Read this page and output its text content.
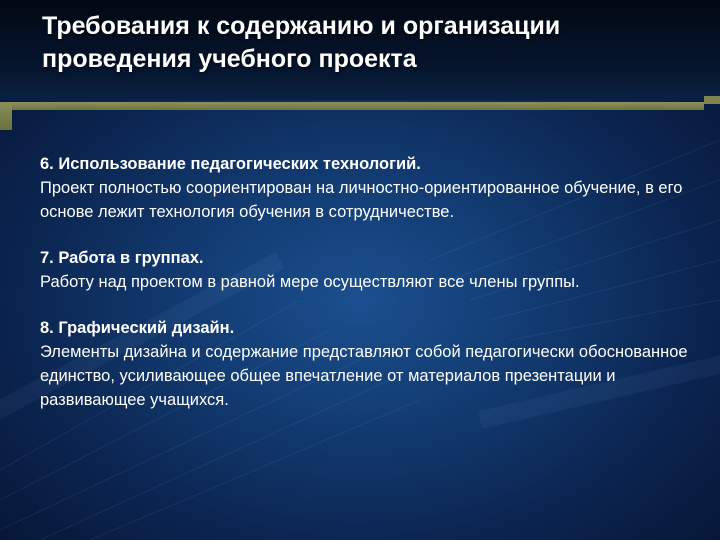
Требования к содержанию и организации проведения учебного проекта
6. Использование педагогических технологий.
Проект полностью соориентирован на личностно-ориентированное обучение, в его основе лежит технология обучения в сотрудничестве.
7. Работа в группах.
Работу над проектом в равной мере осуществляют все члены группы.
8. Графический дизайн.
Элементы дизайна и содержание представляют собой педагогически обоснованное единство, усиливающее общее впечатление от материалов презентации и развивающее учащихся.
